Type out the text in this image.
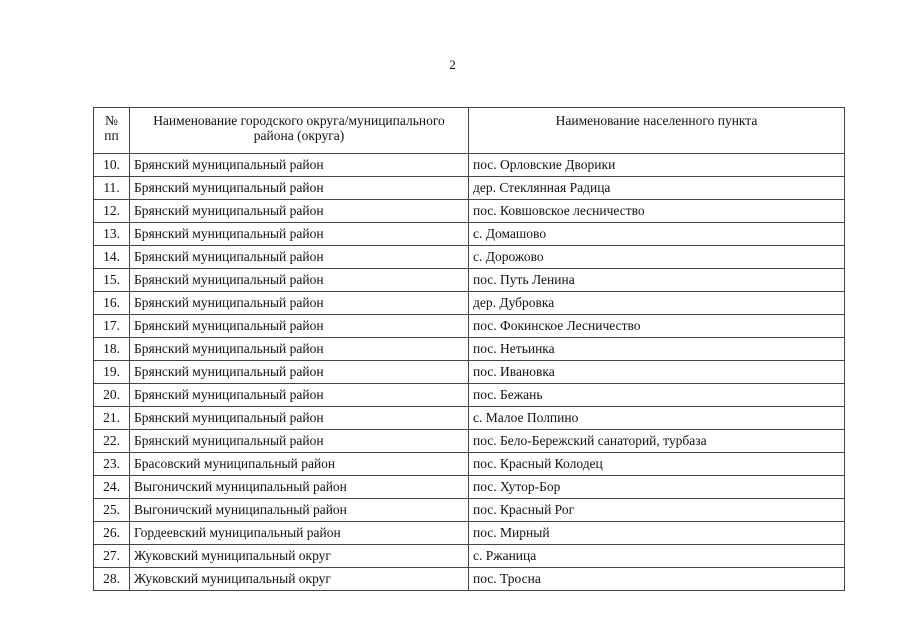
2
№ пп	Наименование городского округа/муниципального района (округа)	Наименование населенного пункта
10.	Брянский муниципальный район	пос. Орловские Дворики
11.	Брянский муниципальный район	дер. Стеклянная Радица
12.	Брянский муниципальный район	пос. Ковшовское лесничество
13.	Брянский муниципальный район	с. Домашово
14.	Брянский муниципальный район	с. Дорожово
15.	Брянский муниципальный район	пос. Путь Ленина
16.	Брянский муниципальный район	дер. Дубровка
17.	Брянский муниципальный район	пос. Фокинское Лесничество
18.	Брянский муниципальный район	пос. Нетьинка
19.	Брянский муниципальный район	пос. Ивановка
20.	Брянский муниципальный район	пос. Бежань
21.	Брянский муниципальный район	с. Малое Полпино
22.	Брянский муниципальный район	пос. Бело-Бережский санаторий, турбаза
23.	Брасовский муниципальный район	пос. Красный Колодец
24.	Выгоничский муниципальный район	пос. Хутор-Бор
25.	Выгоничский муниципальный район	пос. Красный Рог
26.	Гордеевский муниципальный район	пос. Мирный
27.	Жуковский муниципальный округ	с. Ржаница
28.	Жуковский муниципальный округ	пос. Тросна
